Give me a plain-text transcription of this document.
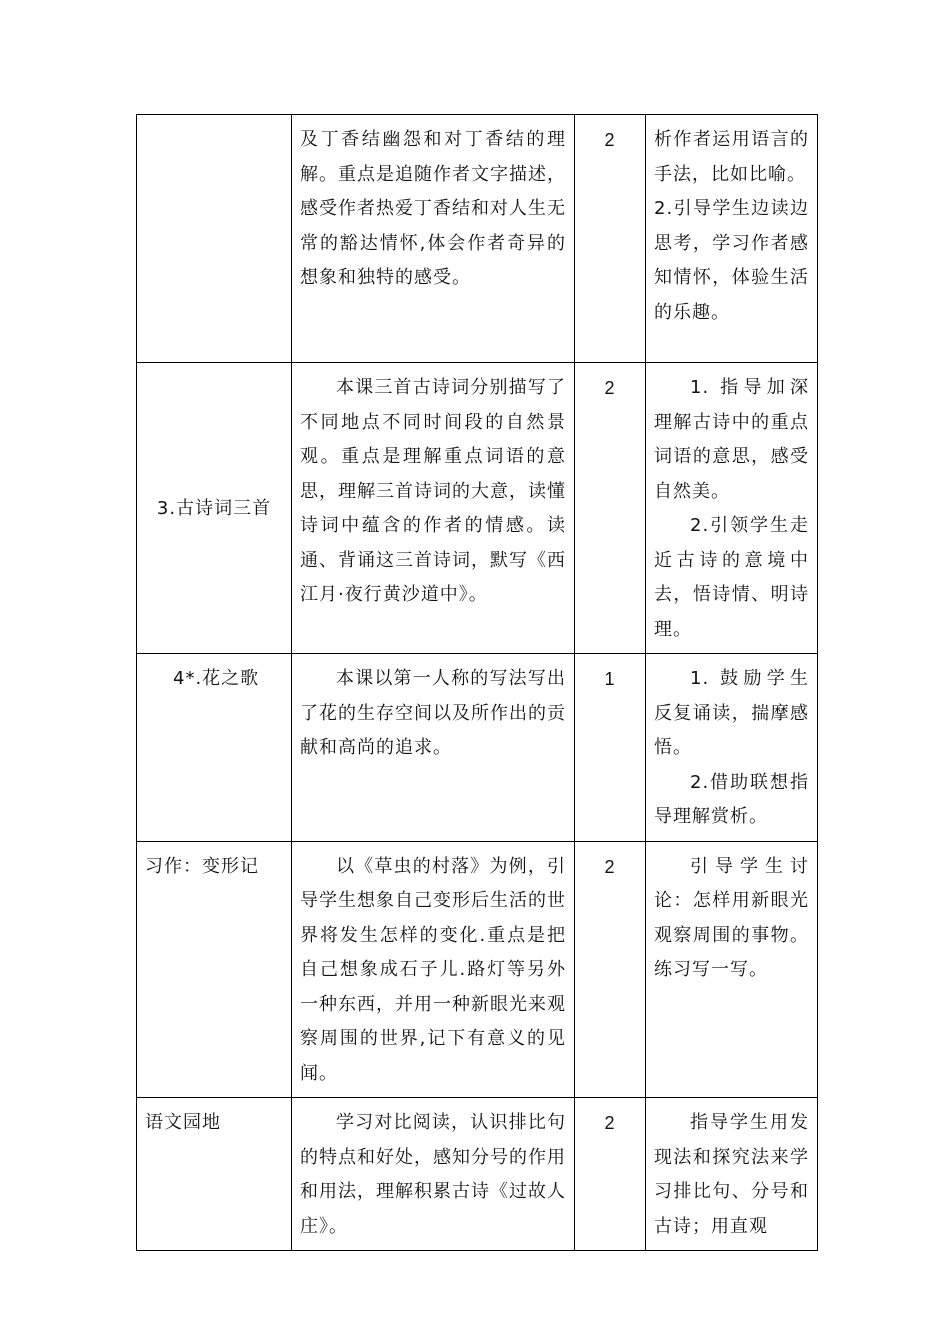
	及丁香结幽怨和对丁香结的理解。重点是追随作者文字描述，感受作者热爱丁香结和对人生无常的豁达情怀,体会作者奇异的想象和独特的感受。	2	析作者运用语言的手法，比如比喻。

2.引导学生边读边思考，学习作者感知情怀，体验生活的乐趣。

3.古诗词三首	本课三首古诗词分别描写了不同地点不同时间段的自然景观。重点是理解重点词语的意思，理解三首诗词的大意，读懂诗词中蕴含的作者的情感。读通、背诵这三首诗词，默写《西江月·夜行黄沙道中》。	2	1. 指导加深理解古诗中的重点词语的意思，感受自然美。

2.引领学生走近古诗的意境中去，悟诗情、明诗理。

4*.花之歌	本课以第一人称的写法写出了花的生存空间以及所作出的贡献和高尚的追求。	1	1. 鼓励学生反复诵读，揣摩感悟。

2.借助联想指导理解赏析。

习作：变形记	以《草虫的村落》为例，引导学生想象自己变形后生活的世界将发生怎样的变化.重点是把自己想象成石子儿.路灯等另外一种东西，并用一种新眼光来观察周围的世界,记下有意义的见闻。	2	引导学生讨论：怎样用新眼光观察周围的事物。练习写一写。

语文园地	学习对比阅读，认识排比句的特点和好处，感知分号的作用和用法，理解积累古诗《过故人庄》。	2	指导学生用发现法和探究法来学习排比句、分号和古诗；用直观
